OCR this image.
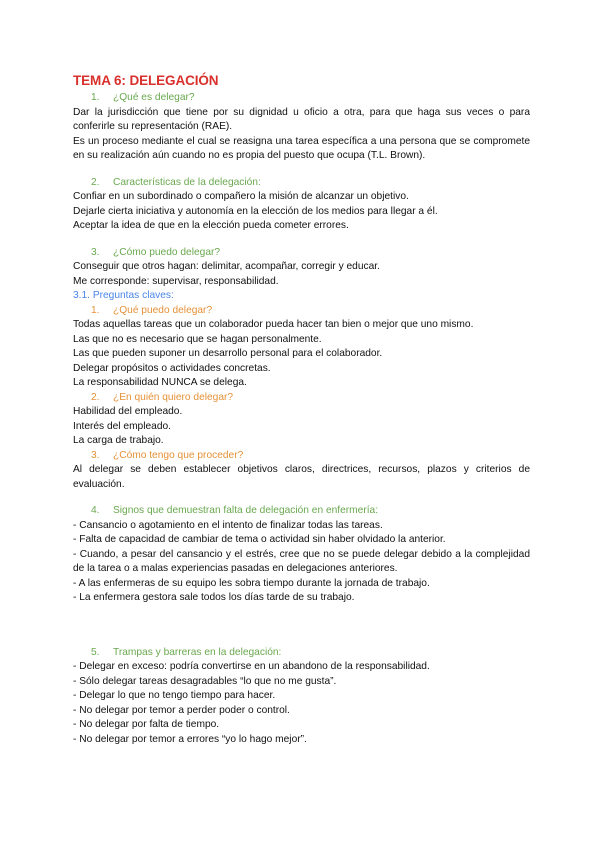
TEMA 6: DELEGACIÓN
1. ¿Qué es delegar?

Dar la jurisdicción que tiene por su dignidad u oficio a otra, para que haga sus veces o para conferirle su representación (RAE).

Es un proceso mediante el cual se reasigna una tarea específica a una persona que se compromete en su realización aún cuando no es propia del puesto que ocupa (T.L. Brown).

2. Características de la delegación:

Confiar en un subordinado o compañero la misión de alcanzar un objetivo.

Dejarle cierta iniciativa y autonomía en la elección de los medios para llegar a él.

Aceptar la idea de que en la elección pueda cometer errores.

3. ¿Cómo puedo delegar?

Conseguir que otros hagan: delimitar, acompañar, corregir y educar.

Me corresponde: supervisar, responsabilidad.

3.1. Preguntas claves:

1. ¿Qué puedo delegar?

Todas aquellas tareas que un colaborador pueda hacer tan bien o mejor que uno mismo.

Las que no es necesario que se hagan personalmente.

Las que pueden suponer un desarrollo personal para el colaborador.

Delegar propósitos o actividades concretas.

La responsabilidad NUNCA se delega.

2. ¿En quién quiero delegar?

Habilidad del empleado.

Interés del empleado.

La carga de trabajo.

3. ¿Cómo tengo que proceder?

Al delegar se deben establecer objetivos claros, directrices, recursos, plazos y criterios de evaluación.

4. Signos que demuestran falta de delegación en enfermería:

- Cansancio o agotamiento en el intento de finalizar todas las tareas.

- Falta de capacidad de cambiar de tema o actividad sin haber olvidado la anterior.

- Cuando, a pesar del cansancio y el estrés, cree que no se puede delegar debido a la complejidad de la tarea o a malas experiencias pasadas en delegaciones anteriores.

- A las enfermeras de su equipo les sobra tiempo durante la jornada de trabajo.

- La enfermera gestora sale todos los días tarde de su trabajo.

5. Trampas y barreras en la delegación:

- Delegar en exceso: podría convertirse en un abandono de la responsabilidad.

- Sólo delegar tareas desagradables “lo que no me gusta”.

- Delegar lo que no tengo tiempo para hacer.

- No delegar por temor a perder poder o control.

- No delegar por falta de tiempo.

- No delegar por temor a errores “yo lo hago mejor”.
